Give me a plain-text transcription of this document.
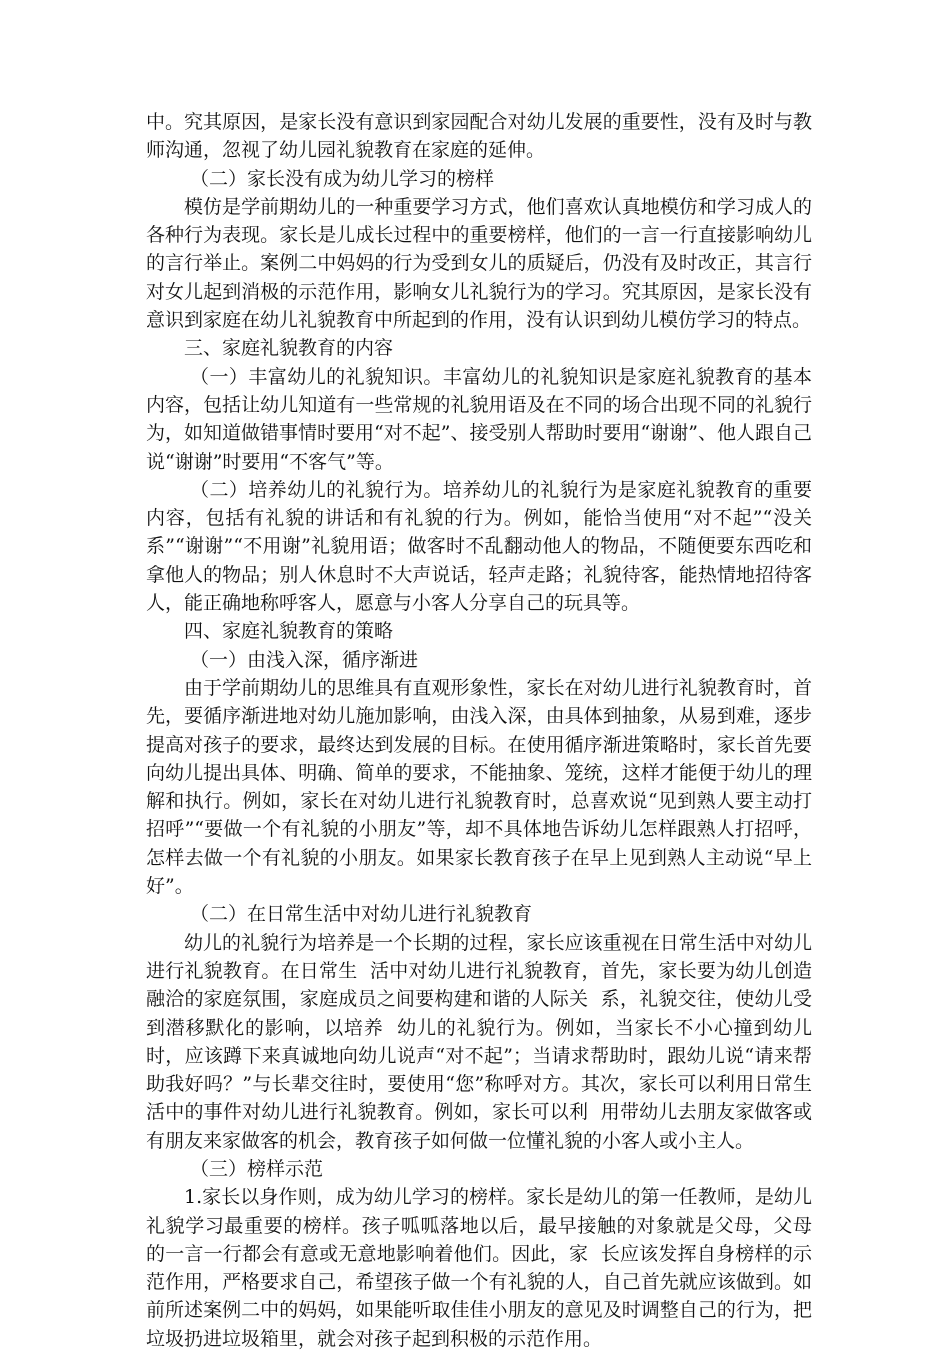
中。究其原因，是家长没有意识到家园配合对幼儿发展的重要性，没有及时与教师沟通，忽视了幼儿园礼貌教育在家庭的延伸。

（二）家长没有成为幼儿学习的榜样

模仿是学前期幼儿的一种重要学习方式，他们喜欢认真地模仿和学习成人的各种行为表现。家长是儿成长过程中的重要榜样，他们的一言一行直接影响幼儿的言行举止。案例二中妈妈的行为受到女儿的质疑后，仍没有及时改正，其言行对女儿起到消极的示范作用，影响女儿礼貌行为的学习。究其原因，是家长没有意识到家庭在幼儿礼貌教育中所起到的作用，没有认识到幼儿模仿学习的特点。

三、家庭礼貌教育的内容

（一）丰富幼儿的礼貌知识。丰富幼儿的礼貌知识是家庭礼貌教育的基本内容，包括让幼儿知道有一些常规的礼貌用语及在不同的场合出现不同的礼貌行为，如知道做错事情时要用“对不起”、接受别人帮助时要用“谢谢”、他人跟自己说“谢谢”时要用“不客气”等。

（二）培养幼儿的礼貌行为。培养幼儿的礼貌行为是家庭礼貌教育的重要内容，包括有礼貌的讲话和有礼貌的行为。例如，能恰当使用“对不起”“没关系”“谢谢”“不用谢”礼貌用语；做客时不乱翻动他人的物品，不随便要东西吃和拿他人的物品；别人休息时不大声说话，轻声走路；礼貌待客，能热情地招待客人，能正确地称呼客人，愿意与小客人分享自己的玩具等。

四、家庭礼貌教育的策略

（一）由浅入深，循序渐进

由于学前期幼儿的思维具有直观形象性，家长在对幼儿进行礼貌教育时，首先，要循序渐进地对幼儿施加影响，由浅入深，由具体到抽象，从易到难，逐步提高对孩子的要求，最终达到发展的目标。在使用循序渐进策略时，家长首先要向幼儿提出具体、明确、简单的要求，不能抽象、笼统，这样才能便于幼儿的理解和执行。例如，家长在对幼儿进行礼貌教育时，总喜欢说“见到熟人要主动打招呼”“要做一个有礼貌的小朋友”等，却不具体地告诉幼儿怎样跟熟人打招呼，怎样去做一个有礼貌的小朋友。如果家长教育孩子在早上见到熟人主动说“早上好”。

（二）在日常生活中对幼儿进行礼貌教育

幼儿的礼貌行为培养是一个长期的过程，家长应该重视在日常生活中对幼儿进行礼貌教育。在日常生  活中对幼儿进行礼貌教育，首先，家长要为幼儿创造  融洽的家庭氛围，家庭成员之间要构建和谐的人际关  系，礼貌交往，使幼儿受到潜移默化的影响，以培养  幼儿的礼貌行为。例如，当家长不小心撞到幼儿时，应该蹲下来真诚地向幼儿说声“对不起”；当请求帮助时，跟幼儿说“请来帮助我好吗？”与长辈交往时，要使用“您”称呼对方。其次，家长可以利用日常生活中的事件对幼儿进行礼貌教育。例如，家长可以利  用带幼儿去朋友家做客或有朋友来家做客的机会，教育孩子如何做一位懂礼貌的小客人或小主人。

（三）榜样示范

1.家长以身作则，成为幼儿学习的榜样。家长是幼儿的第一任教师，是幼儿礼貌学习最重要的榜样。孩子呱呱落地以后，最早接触的对象就是父母，父母  的一言一行都会有意或无意地影响着他们。因此，家  长应该发挥自身榜样的示范作用，严格要求自己，希望孩子做一个有礼貌的人，自己首先就应该做到。如前所述案例二中的妈妈，如果能听取佳佳小朋友的意见及时调整自己的行为，把垃圾扔进垃圾箱里，就会对孩子起到积极的示范作用。
